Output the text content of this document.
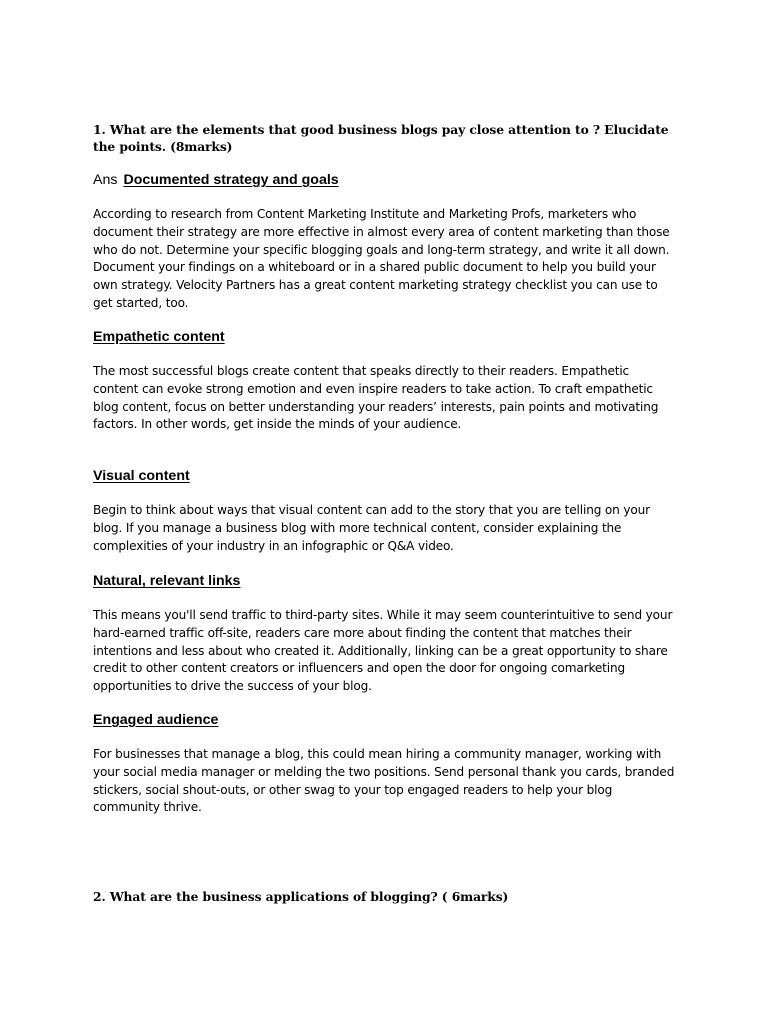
1. What are the elements that good business blogs pay close attention to ? Elucidate the points. (8marks)
Ans Documented strategy and goals
According to research from Content Marketing Institute and Marketing Profs, marketers who document their strategy are more effective in almost every area of content marketing than those who do not. Determine your specific blogging goals and long-term strategy, and write it all down. Document your findings on a whiteboard or in a shared public document to help you build your own strategy. Velocity Partners has a great content marketing strategy checklist you can use to get started, too.
Empathetic content
The most successful blogs create content that speaks directly to their readers. Empathetic content can evoke strong emotion and even inspire readers to take action. To craft empathetic blog content, focus on better understanding your readers’ interests, pain points and motivating factors. In other words, get inside the minds of your audience.
Visual content
Begin to think about ways that visual content can add to the story that you are telling on your blog. If you manage a business blog with more technical content, consider explaining the complexities of your industry in an infographic or Q&A video.
Natural, relevant links
This means you'll send traffic to third-party sites. While it may seem counterintuitive to send your hard-earned traffic off-site, readers care more about finding the content that matches their intentions and less about who created it. Additionally, linking can be a great opportunity to share credit to other content creators or influencers and open the door for ongoing comarketing opportunities to drive the success of your blog.
Engaged audience
For businesses that manage a blog, this could mean hiring a community manager, working with your social media manager or melding the two positions. Send personal thank you cards, branded stickers, social shout-outs, or other swag to your top engaged readers to help your blog community thrive.
2. What are the business applications of blogging? ( 6marks)
